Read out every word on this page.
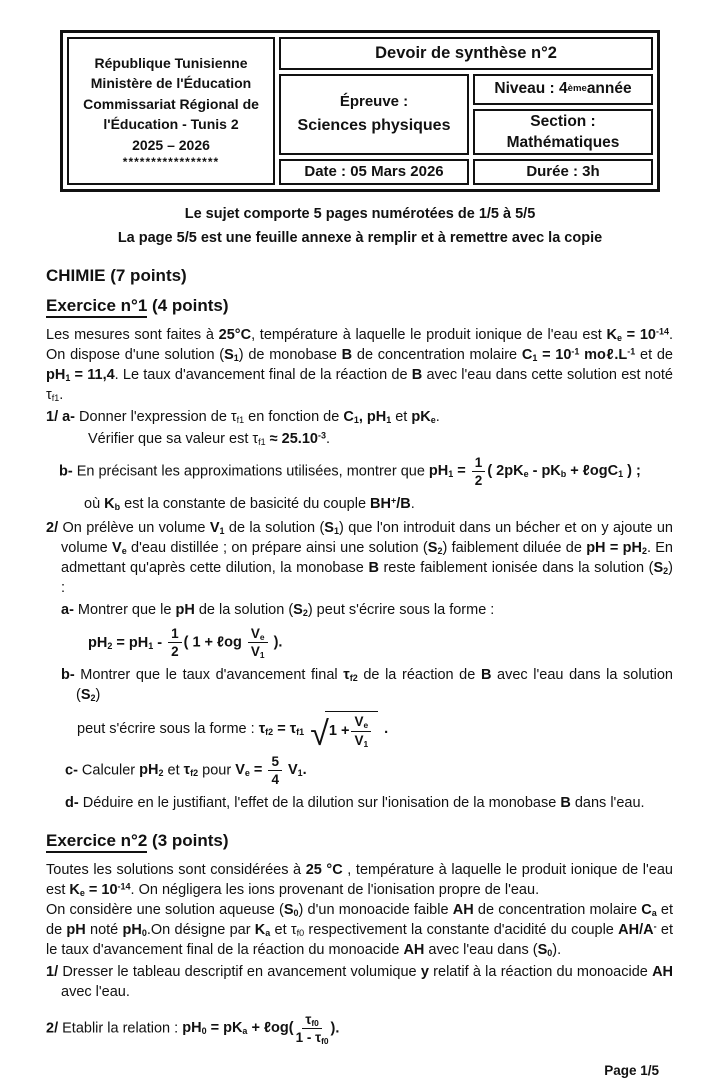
République Tunisienne
Ministère de l'Éducation
Commissariat Régional de
l'Éducation - Tunis 2
2025 – 2026
*****************
Devoir de synthèse n°2
Épreuve :
Sciences physiques
Niveau : 4 ème année
Section :
Mathématiques
Date : 05 Mars 2026	Durée : 3h
Le sujet comporte 5 pages numérotées de 1/5 à 5/5
La page 5/5 est une feuille annexe à remplir et à remettre avec la copie
CHIMIE (7 points)
Exercice n°1 (4 points)
Les mesures sont faites à 25°C, température à laquelle le produit ionique de l'eau est $K_e = 10^{-14}$. On dispose d'une solution $(S_1)$ de monobase B de concentration molaire $C_1 = 10^{-1}$ $mo\ell.L^{-1}$ et de $pH_1 = 11,4$. Le taux d'avancement final de la réaction de B avec l'eau dans cette solution est noté $\tau_{f1}$.
1/ a- Donner l'expression de $\tau_{f1}$ en fonction de $C_1$, $pH_1$ et $pK_e$.
Vérifier que sa valeur est $\tau_{f1} \approx 25.10^{-3}$.
b- En précisant les approximations utilisées, montrer que $pH_1 = \frac{1}{2}$ ( $2pK_e - pK_b$ + ℓogC$_1$ ) ;
où $K_b$ est la constante de basicité du couple BH+/B.
2/ On prélève un volume $V_1$ de la solution $(S_1)$ que l'on introduit dans un bécher et on y ajoute un volume $V_e$ d'eau distillée ; on prépare ainsi une solution $(S_2)$ faiblement diluée de pH = $pH_2$. En admettant qu'après cette dilution, la monobase B reste faiblement ionisée dans la solution $(S_2)$ :
a- Montrer que le pH de la solution $(S_2)$ peut s'écrire sous la forme :
$pH_2 = pH_1 - \frac{1}{2}$ ( 1 + ℓog $\frac{V_e}{V_1}$ ).
b- Montrer que le taux d'avancement final $\tau_{f2}$ de la réaction de B avec l'eau dans la solution $(S_2)$
peut s'écrire sous la forme : $\tau_{f2} = \tau_{f1}$ √ $1 + \frac{V_e}{V_1}$ .
c- Calculer $pH_2$ et $\tau_{f2}$ pour $V_e = \frac{5}{4} V_1$.
d- Déduire en le justifiant, l'effet de la dilution sur l'ionisation de la monobase B dans l'eau.
Exercice n°2 (3 points)
Toutes les solutions sont considérées à 25 °C , température à laquelle le produit ionique de l'eau est $K_e = 10^{-14}$. On négligera les ions provenant de l'ionisation propre de l'eau.
On considère une solution aqueuse $(S_0)$ d'un monoacide faible AH de concentration molaire $C_a$ et de pH noté $pH_0.On$ désigne par $K_a$ et $\tau_{f0}$ respectivement la constante d'acidité du couple AH/A- et le taux d'avancement final de la réaction du monoacide AH avec l'eau dans $(S_0)$.
1/ Dresser le tableau descriptif en avancement volumique y relatif à la réaction du monoacide AH avec l'eau.
2/ Etablir la relation : $pH_0 = pK_a$ + ℓog( $\frac{\tau_{f0}}{1 - \tau_{f0}}$ ).
Page 1/5
